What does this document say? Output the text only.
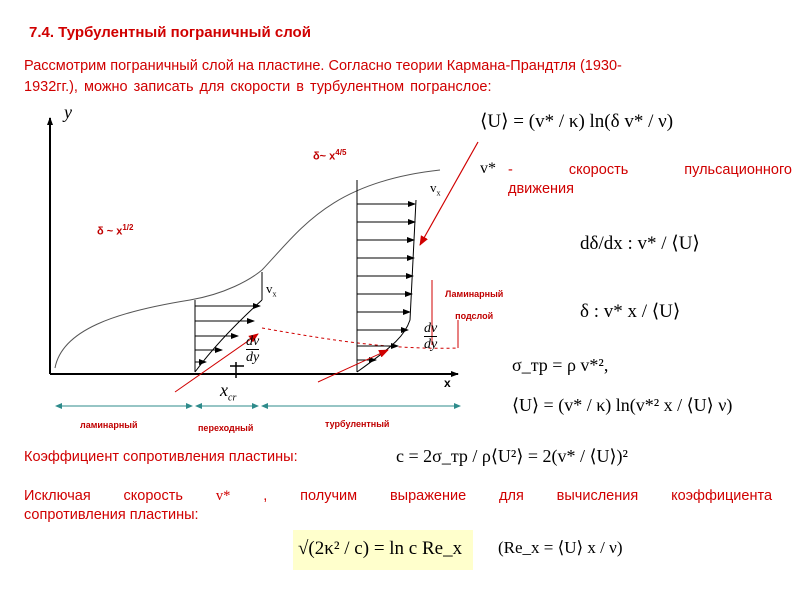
7.4. Турбулентный пограничный слой
Рассмотрим пограничный слой на пластине. Согласно теории Кармана-Прандтля (1930-
1932гг.), можно записать для скорости в турбулентном погранслое:
y
x
δ ~ $x^{1/2}$
δ~ $x^{4/5}$
$v_x$
$v_x$
dv
dy
dv
dy
$x_{cr}$
Ламинарный
подслой
ламинарный	переходный	турбулентный
⟨U⟩ = (v* / κ) ln(δ v* / ν)
v* - скорость пульсационного
движения
dδ/dx : v* / ⟨U⟩
δ : v* x / ⟨U⟩
σ_тр = ρ v*²,
⟨U⟩ = (v* / κ) ln(v*² x / ⟨U⟩ ν)
Коэффициент сопротивления пластины:	c = 2σ_тр / ρ⟨U²⟩ = 2(v* / ⟨U⟩)²
Исключая скорость v* , получим выражение для вычисления коэффициента
сопротивления пластины:
√(2κ² / c) = ln c Re_x (Re_x = ⟨U⟩ x / ν)
